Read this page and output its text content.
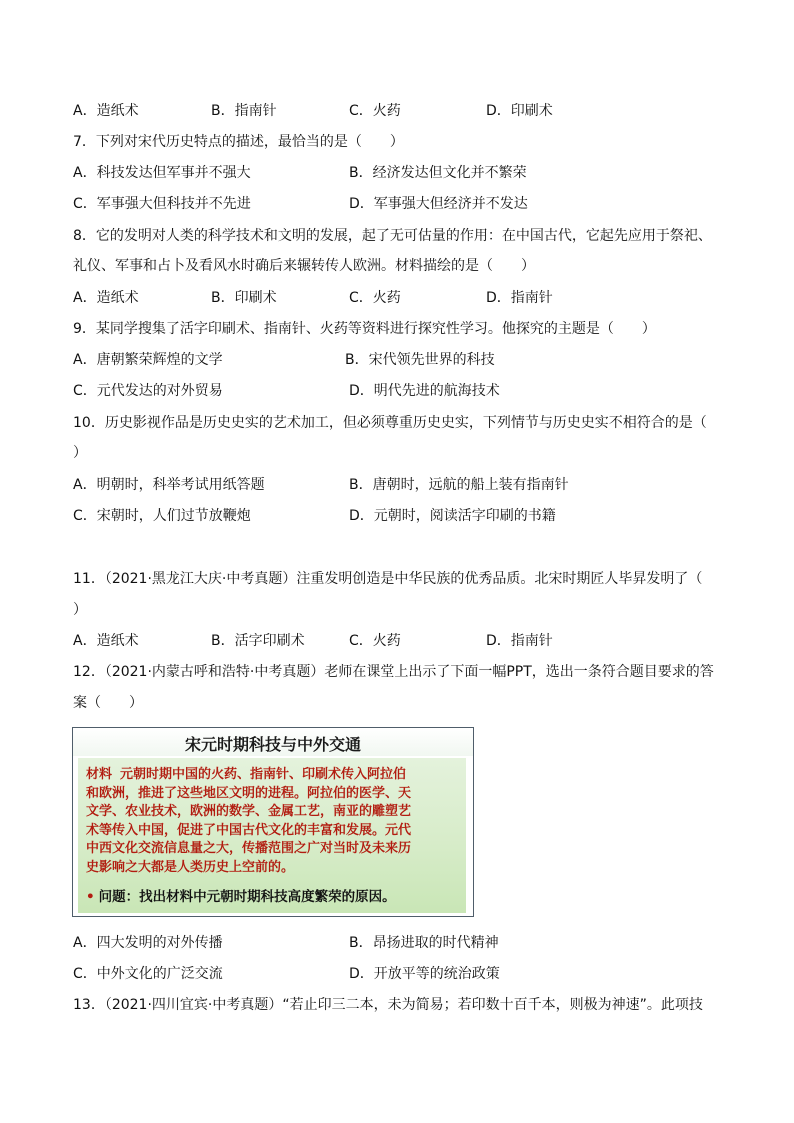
A．造纸术	B．指南针	C．火药	D．印刷术
7．下列对宋代历史特点的描述，最恰当的是（　　）
A．科技发达但军事并不强大	B．经济发达但文化并不繁荣
C．军事强大但科技并不先进	D．军事强大但经济并不发达
8．它的发明对人类的科学技术和文明的发展，起了无可估量的作用：在中国古代，它起先应用于祭祀、
礼仪、军事和占卜及看风水时确后来辗转传人欧洲。材料描绘的是（　　）
A．造纸术	B．印刷术	C．火药	D．指南针
9．某同学搜集了活字印刷术、指南针、火药等资料进行探究性学习。他探究的主题是（　　）
A．唐朝繁荣辉煌的文学	B．宋代领先世界的科技
C．元代发达的对外贸易	D．明代先进的航海技术
10．历史影视作品是历史史实的艺术加工，但必须尊重历史史实，下列情节与历史史实不相符合的是（
）
A．明朝时，科举考试用纸答题	B．唐朝时，远航的船上装有指南针
C．宋朝时，人们过节放鞭炮	D．元朝时，阅读活字印刷的书籍
11．（2021·黑龙江大庆·中考真题）注重发明创造是中华民族的优秀品质。北宋时期匠人毕昇发明了（
）
A．造纸术	B．活字印刷术	C．火药	D．指南针
12．（2021·内蒙古呼和浩特·中考真题）老师在课堂上出示了下面一幅PPT，选出一条符合题目要求的答
案（　　）
宋元时期科技与中外交通
材料 元朝时期中国的火药、指南针、印刷术传入阿拉伯
和欧洲，推进了这些地区文明的进程。阿拉伯的医学、天
文学、农业技术，欧洲的数学、金属工艺，南亚的雕塑艺
术等传入中国，促进了中国古代文化的丰富和发展。元代
中西文化交流信息量之大，传播范围之广对当时及未来历
史影响之大都是人类历史上空前的。
• 问题：找出材料中元朝时期科技高度繁荣的原因。
A．四大发明的对外传播	B．昂扬进取的时代精神
C．中外文化的广泛交流	D．开放平等的统治政策
13．（2021·四川宜宾·中考真题）“若止印三二本，未为简易；若印数十百千本，则极为神速”。此项技
